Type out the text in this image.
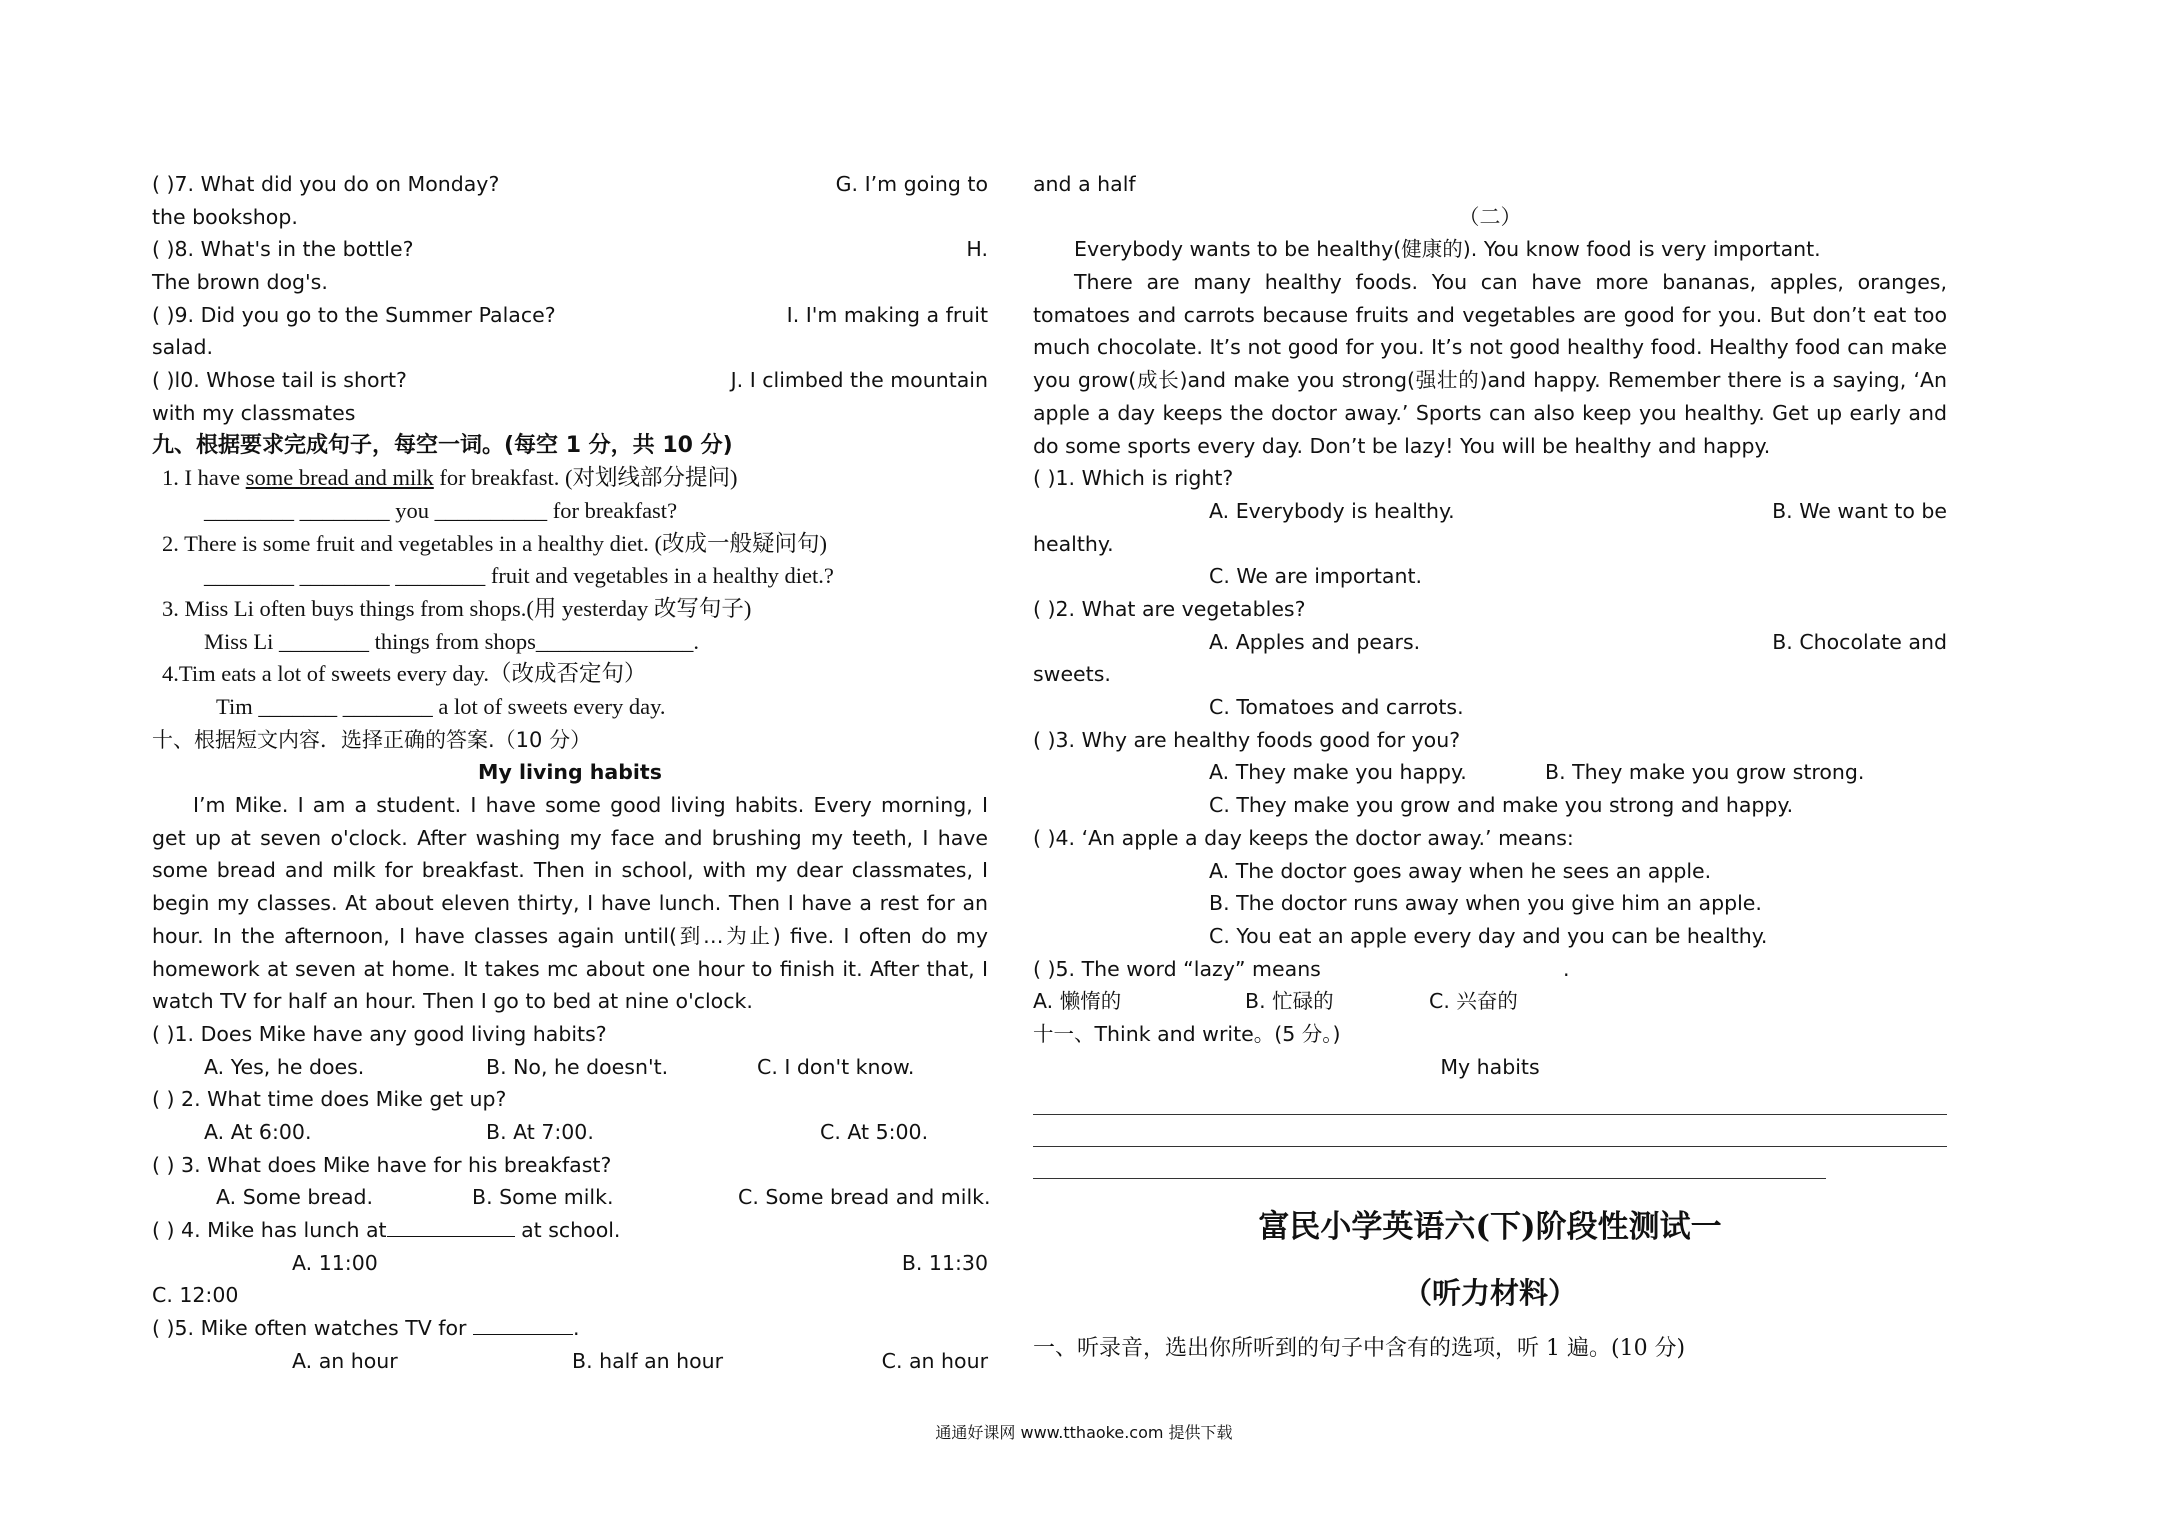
( )7. What did you do on Monday?	G. I’m going to
the bookshop.
( )8. What's in the bottle?	H.
The brown dog's.
( )9. Did you go to the Summer Palace?	I. I'm making a fruit
salad.
( )l0. Whose tail is short?	J. I climbed the mountain
with my classmates
九、根据要求完成句子，每空一词。(每空 1 分，共 10 分)
1. I have some bread and milk for breakfast. (对划线部分提问)
________ ________ you __________ for breakfast?
2. There is some fruit and vegetables in a healthy diet. (改成一般疑问句)
________ ________ ________ fruit and vegetables in a healthy diet.?
3. Miss Li often buys things from shops.(用 yesterday 改写句子)
Miss Li ________ things from shops______________.
4.Tim eats a lot of sweets every day.（改成否定句）
Tim _______ ________ a lot of sweets every day.
十、根据短文内容．选择正确的答案.（10 分）
My living habits

I’m Mike. I am a student. I have some good living habits. Every morning, I get up at seven o'clock. After washing my face and brushing my teeth, I have some bread and milk for breakfast. Then in school, with my dear classmates, I begin my classes. At about eleven thirty, I have lunch. Then I have a rest for an hour. In the afternoon, I have classes again until(到…为止) five. I often do my homework at seven at home. It takes mc about one hour to finish it. After that, I watch TV for half an hour. Then I go to bed at nine o'clock.

( )1. Does Mike have any good living habits?
A. Yes, he does.	B. No, he doesn't.	C. I don't know.
( ) 2. What time does Mike get up?
A. At 6:00.	B. At 7:00.	C. At 5:00.
( ) 3. What does Mike have for his breakfast?
A. Some bread.	B. Some milk.	C. Some bread and milk.
( ) 4. Mike has lunch at	at school.
A. 11:00	B. 11:30
C. 12:00
( )5. Mike often watches TV for	.
A. an hour	B. half an hour	C. an hour
and a half
（二）

Everybody wants to be healthy(健康的). You know food is very important.

There are many healthy foods. You can have more bananas, apples, oranges, tomatoes and carrots because fruits and vegetables are good for you. But don’t eat too much chocolate. It’s not good for you. It’s not good healthy food. Healthy food can make you grow(成长)and make you strong(强壮的)and happy. Remember there is a saying, ‘An apple a day keeps the doctor away.’ Sports can also keep you healthy. Get up early and do some sports every day. Don’t be lazy! You will be healthy and happy.

( )1. Which is right?
A. Everybody is healthy.	B. We want to be
healthy.
C. We are important.
( )2. What are vegetables?
A. Apples and pears.	B. Chocolate and
sweets.
C. Tomatoes and carrots.
( )3. Why are healthy foods good for you?
A. They make you happy.	B. They make you grow strong.
C. They make you grow and make you strong and happy.
( )4. ‘An apple a day keeps the doctor away.’ means:
A. The doctor goes away when he sees an apple.
B. The doctor runs away when you give him an apple.
C. You eat an apple every day and you can be healthy.
( )5. The word “lazy” means	.
A. 懒惰的	B. 忙碌的	C. 兴奋的
十一、Think and write。(5 分。)
My habits
富民小学英语六(下)阶段性测试一
（听力材料）
一、听录音，选出你所听到的句子中含有的选项，听 1 遍。(10 分)
通通好课网 www.tthaoke.com 提供下载
